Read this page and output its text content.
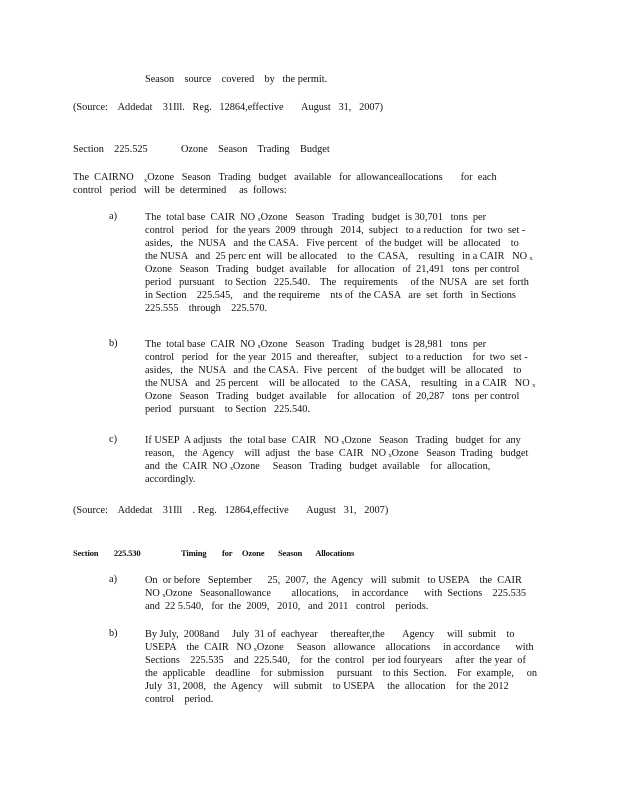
Season    source    covered    by   the permit.
(Source:    Addedat    31Ill.   Reg.   12864,effective       August   31,   2007)
Section    225.525	Ozone    Season    Trading    Budget
The  CAIRNO    $_x$Ozone   Season   Trading   budget   available   for  allowanceallocations       for  each
control   period   will  be  determined     as  follows:
a)	The  total base  CAIR  NO ₓOzone   Season   Trading   budget  is 30,701   tons  per
control   period   for  the years  2009  through   2014,  subject   to a reduction   for  two  set -
asides,   the  NUSA   and  the CASA.   Five percent   of  the budget  will  be  allocated    to
the NUSA   and  25 perc ent  will  be allocated    to  the  CASA,    resulting   in a CAIR   NO ₓ
Ozone   Season   Trading   budget  available    for  allocation   of  21,491   tons  per control
period   pursuant    to Section   225.540.    The   requirements     of the  NUSA   are  set  forth
in Section    225.545,    and  the requireme    nts of  the CASA   are  set  forth   in Sections
225.555    through    225.570.
b)	The  total base  CAIR  NO ₓOzone   Season   Trading   budget  is 28,981   tons  per
control   period   for  the year  2015  and  thereafter,    subject   to a reduction    for  two  set -
asides,   the  NUSA   and  the CASA.  Five  percent    of  the budget  will  be  allocated    to
the NUSA   and  25 percent    will  be allocated    to  the  CASA,    resulting   in a CAIR   NO ₓ
Ozone   Season   Trading   budget  available    for  allocation   of  20,287   tons  per control
period   pursuant    to Section   225.540.
c)	If USEP  A adjusts   the  total base  CAIR   NO ₓOzone   Season   Trading   budget  for  any
reason,    the  Agency    will  adjust   the  base  CAIR   NO ₓOzone   Season  Trading   budget
and  the  CAIR  NO ₓOzone     Season   Trading   budget  available    for  allocation,
accordingly.
(Source:    Addedat    31Ill    . Reg.   12864,effective       August   31,   2007)
Section        225.530	Timing        for     Ozone       Season       Allocations
a)	On  or before   September      25,  2007,  the  Agency   will  submit   to USEPA    the  CAIR
NO ₓOzone   Seasonallowance        allocations,     in accordance      with  Sections    225.535
and  22 5.540,   for  the  2009,   2010,   and  2011   control    periods.
b)	By July,  2008and     July  31 of  eachyear     thereafter,the       Agency     will  submit    to
USEPA    the  CAIR   NO ₓOzone     Season   allowance    allocations     in accordance      with
Sections    225.535    and  225.540,    for  the  control   per iod fouryears     after  the year  of
the  applicable    deadline    for  submission     pursuant    to this  Section.    For  example,     on
July  31, 2008,   the  Agency    will  submit    to USEPA     the  allocation    for  the 2012
control    period.
